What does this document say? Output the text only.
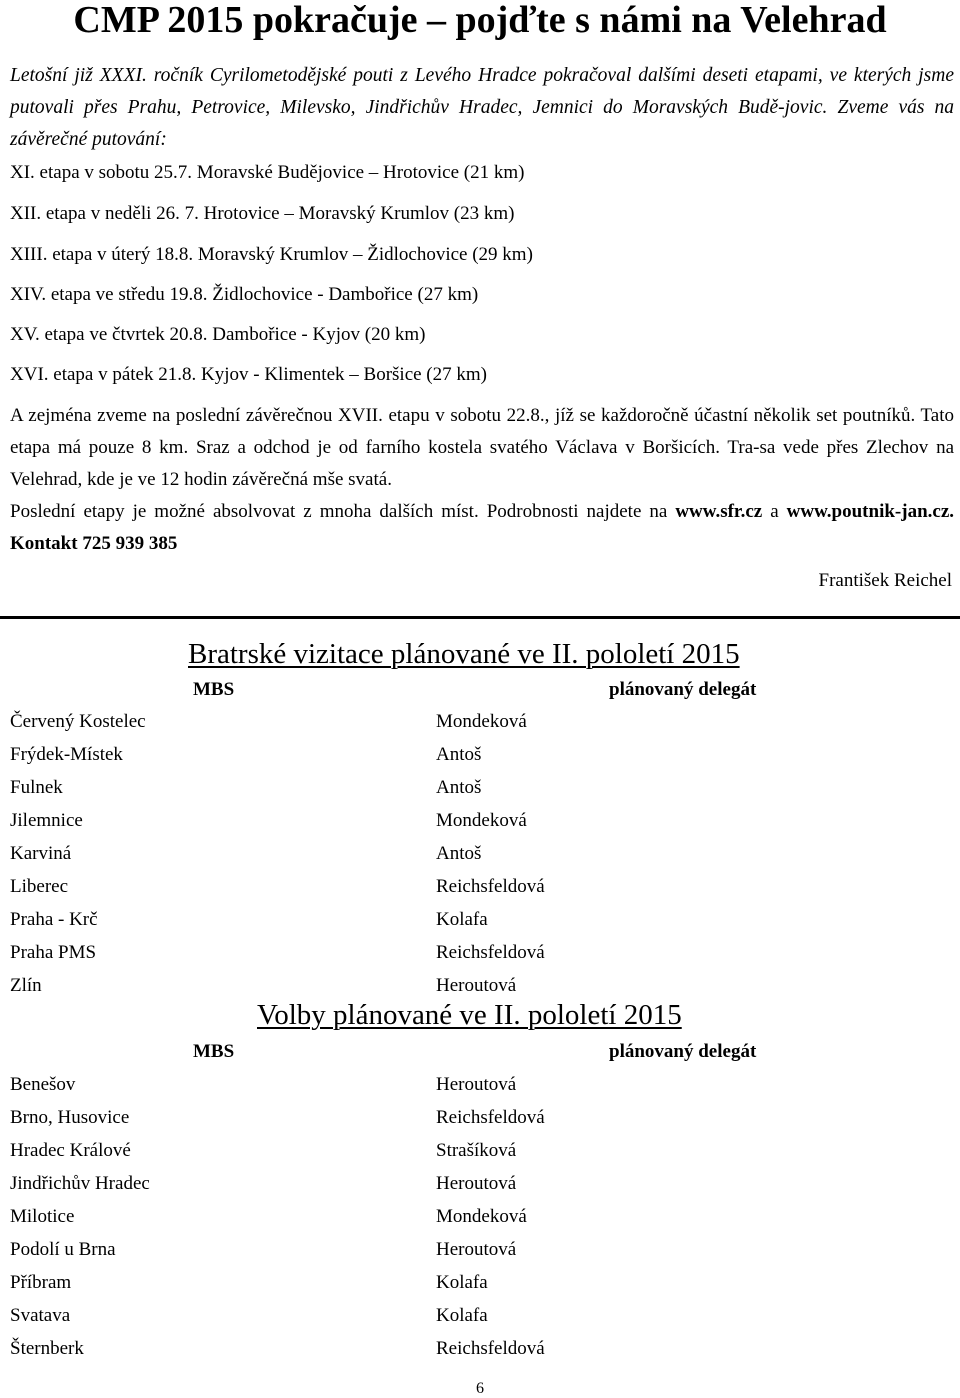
CMP 2015 pokračuje – pojďte s námi na Velehrad
Letošní již XXXI. ročník Cyrilometodějské pouti z Levého Hradce pokračoval dalšími deseti etapami, ve kterých jsme putovali přes Prahu, Petrovice, Milevsko, Jindřichův Hradec, Jemnici do Moravských Budě-jovic. Zveme vás na závěrečné putování:
XI. etapa v sobotu 25.7. Moravské Budějovice – Hrotovice (21 km)
XII. etapa v neděli 26. 7. Hrotovice – Moravský Krumlov (23 km)
XIII. etapa v úterý 18.8. Moravský Krumlov – Židlochovice (29 km)
XIV. etapa ve středu 19.8. Židlochovice - Dambořice (27 km)
XV. etapa ve čtvrtek 20.8. Dambořice - Kyjov (20 km)
XVI. etapa v pátek 21.8. Kyjov - Klimentek – Boršice (27 km)
A zejména zveme na poslední závěrečnou XVII. etapu v sobotu 22.8., jíž se každoročně účastní několik set poutníků. Tato etapa má pouze 8 km. Sraz a odchod je od farního kostela svatého Václava v Boršicích. Tra-sa vede přes Zlechov na Velehrad, kde je ve 12 hodin závěrečná mše svatá.
Poslední etapy je možné absolvovat z mnoha dalších míst. Podrobnosti najdete na www.sfr.cz a www.poutnik-jan.cz. Kontakt 725 939 385
František Reichel
Bratrské vizitace plánované ve II. pololetí 2015
MBS	plánovaný delegát
Červený Kostelec	Mondeková
Frýdek-Místek	Antoš
Fulnek	Antoš
Jilemnice	Mondeková
Karviná	Antoš
Liberec	Reichsfeldová
Praha - Krč	Kolafa
Praha PMS	Reichsfeldová
Zlín	Heroutová
Volby plánované ve II. pololetí 2015
MBS	plánovaný delegát
Benešov	Heroutová
Brno, Husovice	Reichsfeldová
Hradec Králové	Strašíková
Jindřichův Hradec	Heroutová
Milotice	Mondeková
Podolí u Brna	Heroutová
Příbram	Kolafa
Svatava	Kolafa
Šternberk	Reichsfeldová
6
